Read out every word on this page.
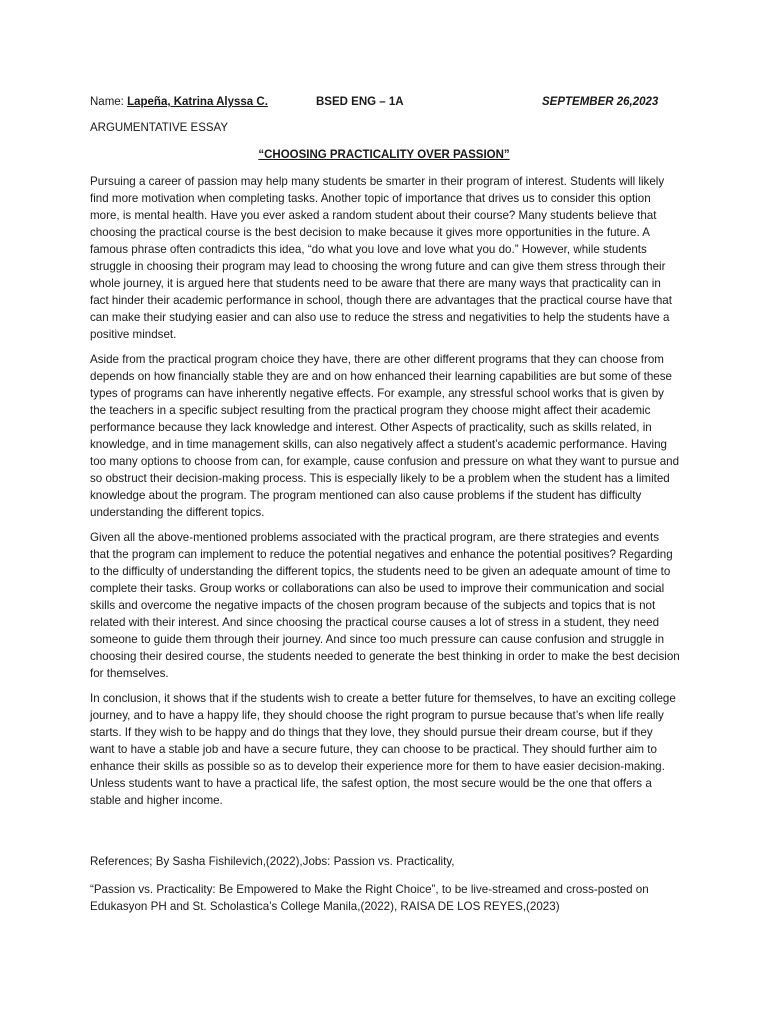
Name: Lapeña, Katrina Alyssa C.	BSED ENG – 1A	SEPTEMBER 26,2023
ARGUMENTATIVE ESSAY
“CHOOSING PRACTICALITY OVER PASSION”

Pursuing a career of passion may help many students be smarter in their program of interest. Students will likely find more motivation when completing tasks. Another topic of importance that drives us to consider this option more, is mental health. Have you ever asked a random student about their course? Many students believe that choosing the practical course is the best decision to make because it gives more opportunities in the future. A famous phrase often contradicts this idea, “do what you love and love what you do.” However, while students struggle in choosing their program may lead to choosing the wrong future and can give them stress through their whole journey, it is argued here that students need to be aware that there are many ways that practicality can in fact hinder their academic performance in school, though there are advantages that the practical course have that can make their studying easier and can also use to reduce the stress and negativities to help the students have a positive mindset.

Aside from the practical program choice they have, there are other different programs that they can choose from depends on how financially stable they are and on how enhanced their learning capabilities are but some of these types of programs can have inherently negative effects. For example, any stressful school works that is given by the teachers in a specific subject resulting from the practical program they choose might affect their academic performance because they lack knowledge and interest. Other Aspects of practicality, such as skills related, in knowledge, and in time management skills, can also negatively affect a student’s academic performance. Having too many options to choose from can, for example, cause confusion and pressure on what they want to pursue and so obstruct their decision-making process. This is especially likely to be a problem when the student has a limited knowledge about the program. The program mentioned can also cause problems if the student has difficulty understanding the different topics.

Given all the above-mentioned problems associated with the practical program, are there strategies and events that the program can implement to reduce the potential negatives and enhance the potential positives? Regarding to the difficulty of understanding the different topics, the students need to be given an adequate amount of time to complete their tasks. Group works or collaborations can also be used to improve their communication and social skills and overcome the negative impacts of the chosen program because of the subjects and topics that is not related with their interest. And since choosing the practical course causes a lot of stress in a student, they need someone to guide them through their journey. And since too much pressure can cause confusion and struggle in choosing their desired course, the students needed to generate the best thinking in order to make the best decision for themselves.

In conclusion, it shows that if the students wish to create a better future for themselves, to have an exciting college journey, and to have a happy life, they should choose the right program to pursue because that’s when life really starts. If they wish to be happy and do things that they love, they should pursue their dream course, but if they want to have a stable job and have a secure future, they can choose to be practical. They should further aim to enhance their skills as possible so as to develop their experience more for them to have easier decision-making. Unless students want to have a practical life, the safest option, the most secure would be the one that offers a stable and higher income.

References; By Sasha Fishilevich,(2022),Jobs: Passion vs. Practicality,

“Passion vs. Practicality: Be Empowered to Make the Right Choice”, to be live-streamed and cross-posted on Edukasyon PH and St. Scholastica’s College Manila,(2022), RAISA DE LOS REYES,(2023)
